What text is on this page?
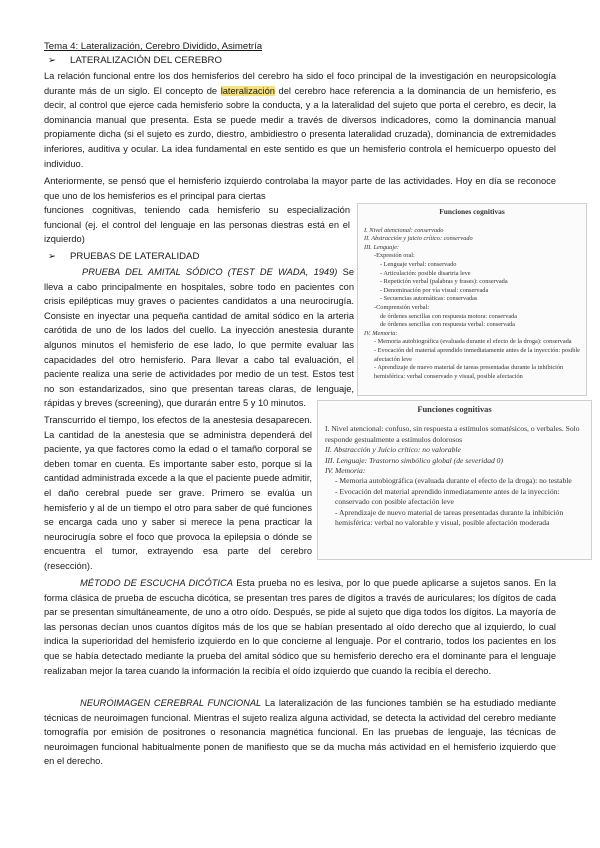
Tema 4: Lateralización, Cerebro Dividido, Asimetría
➢ LATERALIZACIÓN DEL CEREBRO

La relación funcional entre los dos hemisferios del cerebro ha sido el foco principal de la investigación en neuropsicología durante más de un siglo. El concepto de lateralización del cerebro hace referencia a la dominancia de un hemisferio, es decir, al control que ejerce cada hemisferio sobre la conducta, y a la lateralidad del sujeto que porta el cerebro, es decir, la dominancia manual que presenta. Esta se puede medir a través de diversos indicadores, como la dominancia manual propiamente dicha (si el sujeto es zurdo, diestro, ambidiestro o presenta lateralidad cruzada), dominancia de extremidades inferiores, auditiva y ocular. La idea fundamental en este sentido es que un hemisferio controla el hemicuerpo opuesto del individuo.

Anteriormente, se pensó que el hemisferio izquierdo controlaba la mayor parte de las actividades. Hoy en día se reconoce que uno de los hemisferios es el principal para ciertas

funciones cognitivas, teniendo cada hemisferio su especialización funcional (ej. el control del lenguaje en las personas diestras está en el izquierdo)

➢ PRUEBAS DE LATERALIDAD

PRUEBA DEL AMITAL SÓDICO (TEST DE WADA, 1949) Se lleva a cabo principalmente en hospitales, sobre todo en pacientes con crisis epilépticas muy graves o pacientes candidatos a una neurocirugía. Consiste en inyectar una pequeña cantidad de amital sódico en la arteria carótida de uno de los lados del cuello. La inyección anestesia durante algunos minutos el hemisferio de ese lado, lo que permite evaluar las capacidades del otro hemisferio. Para llevar a cabo tal evaluación, el paciente realiza una serie de actividades por medio de un test. Estos test no son estandarizados, sino que presentan tareas claras, de lenguaje, rápidas y breves (screening), que durarán entre 5 y 10 minutos.

Transcurrido el tiempo, los efectos de la anestesia desaparecen. La cantidad de la anestesia que se administra dependerá del paciente, ya que factores como la edad o el tamaño corporal se deben tomar en cuenta. Es importante saber esto, porque si la cantidad administrada excede a la que el paciente puede admitir, el daño cerebral puede ser grave. Primero se evalúa un hemisferio y al de un tiempo el otro para saber de qué funciones se encarga cada uno y saber si merece la pena practicar la neurocirugía sobre el foco que provoca la epilepsia o dónde se encuentra el tumor, extrayendo esa parte del cerebro (resección).

Funciones cognitivas
I. Nivel atencional: conservado
II. Abstracción y juicio crítico: conservado
III. Lenguaje:
-Expresión oral:
- Lenguaje verbal: conservado
- Articulación: posible disartria leve
- Repetición verbal (palabras y frases): conservada
- Denominación por vía visual: conservada
- Secuencias automáticas: conservadas
-Comprensión verbal:
de órdenes sencillas con respuesta motora: conservada
de órdenes sencillas con respuesta verbal: conservada
IV. Memoria:
- Memoria autobiográfica (evaluada durante el efecto de la droga): conservada
- Evocación del material aprendido inmediatamente antes de la inyección: posible afectación leve
- Aprendizaje de nuevo material de tareas presentadas durante la inhibición hemisférica: verbal conservado y visual, posible afectación
Funciones cognitivas
I. Nivel atencional: confuso, sin respuesta a estímulos somatésicos, o verbales. Solo responde gestualmente a estímulos dolorosos
II. Abstracción y Juicio crítico: no valorable
III. Lenguaje: Trastorno simbólico global (de severidad 0)
IV. Memoria:
- Memoria autobiográfica (evaluada durante el efecto de la droga): no testable
- Evocación del material aprendido inmediatamente antes de la inyección: conservado con posible afectación leve
- Aprendizaje de nuevo material de tareas presentadas durante la inhibición hemisférica: verbal no valorable y visual, posible afectación moderada

MÉTODO DE ESCUCHA DICÓTICA Esta prueba no es lesiva, por lo que puede aplicarse a sujetos sanos. En la forma clásica de prueba de escucha dicótica, se presentan tres pares de dígitos a través de auriculares; los dígitos de cada par se presentan simultáneamente, de uno a otro oído. Después, se pide al sujeto que diga todos los dígitos. La mayoría de las personas decían unos cuantos dígitos más de los que se habían presentado al oído derecho que al izquierdo, lo cual indica la superioridad del hemisferio izquierdo en lo que concierne al lenguaje. Por el contrario, todos los pacientes en los que se había detectado mediante la prueba del amital sódico que su hemisferio derecho era el dominante para el lenguaje realizaban mejor la tarea cuando la información la recibía el oído izquierdo que cuando la recibía el derecho.

NEUROIMAGEN CEREBRAL FUNCIONAL La lateralización de las funciones también se ha estudiado mediante técnicas de neuroimagen funcional. Mientras el sujeto realiza alguna actividad, se detecta la actividad del cerebro mediante tomografía por emisión de positrones o resonancia magnética funcional. En las pruebas de lenguaje, las técnicas de neuroimagen funcional habitualmente ponen de manifiesto que se da mucha más actividad en el hemisferio izquierdo que en el derecho.
